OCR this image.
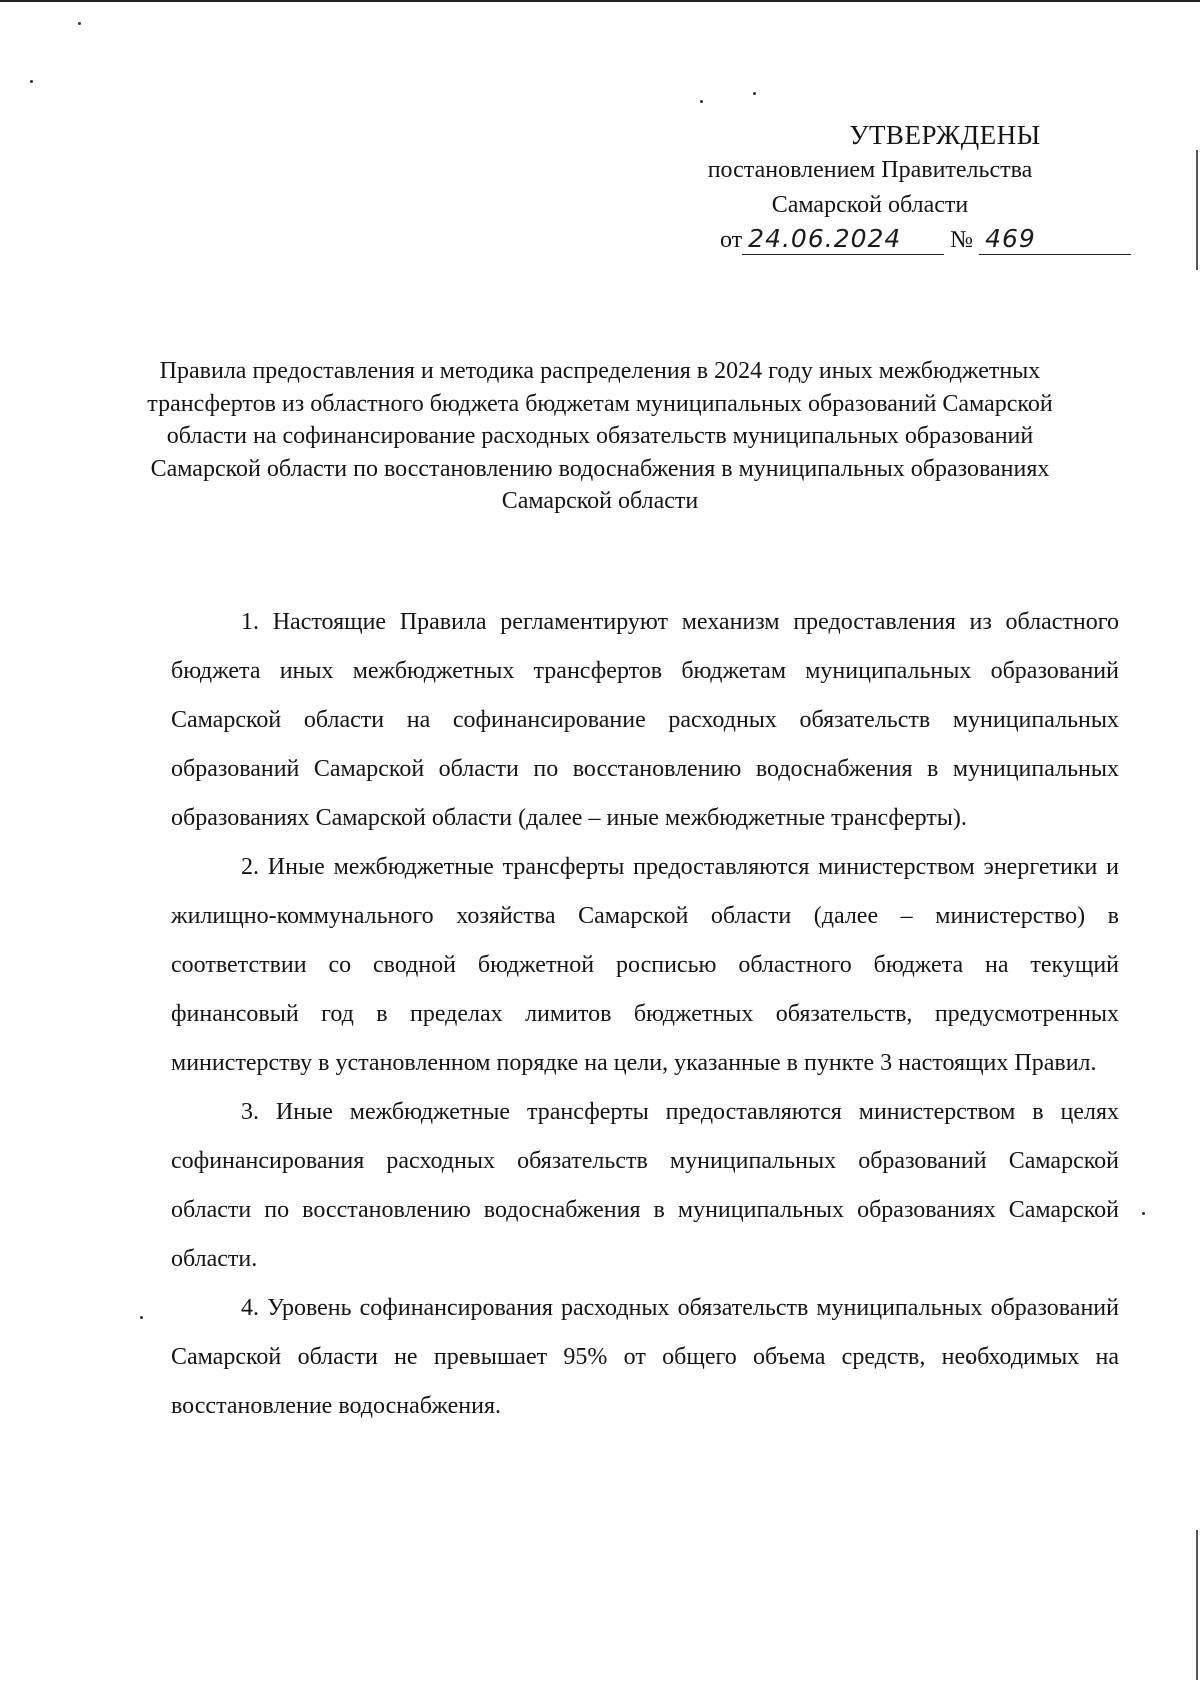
УТВЕРЖДЕНЫ
постановлением Правительства
Самарской области
от 24.06.2024 № 469
Правила предоставления и методика распределения в 2024 году иных межбюджетных трансфертов из областного бюджета бюджетам муниципальных образований Самарской области на софинансирование расходных обязательств муниципальных образований Самарской области по восстановлению водоснабжения в муниципальных образованиях Самарской области

1. Настоящие Правила регламентируют механизм предоставления из областного бюджета иных межбюджетных трансфертов бюджетам муниципальных образований Самарской области на софинансирование расходных обязательств муниципальных образований Самарской области по восстановлению водоснабжения в муниципальных образованиях Самарской области (далее – иные межбюджетные трансферты).

2. Иные межбюджетные трансферты предоставляются министерством энергетики и жилищно-коммунального хозяйства Самарской области (далее – министерство) в соответствии со сводной бюджетной росписью областного бюджета на текущий финансовый год в пределах лимитов бюджетных обязательств, предусмотренных министерству в установленном порядке на цели, указанные в пункте 3 настоящих Правил.

3. Иные межбюджетные трансферты предоставляются министерством в целях софинансирования расходных обязательств муниципальных образований Самарской области по восстановлению водоснабжения в муниципальных образованиях Самарской области.

4. Уровень софинансирования расходных обязательств муниципальных образований Самарской области не превышает 95% от общего объема средств, необходимых на восстановление водоснабжения.
